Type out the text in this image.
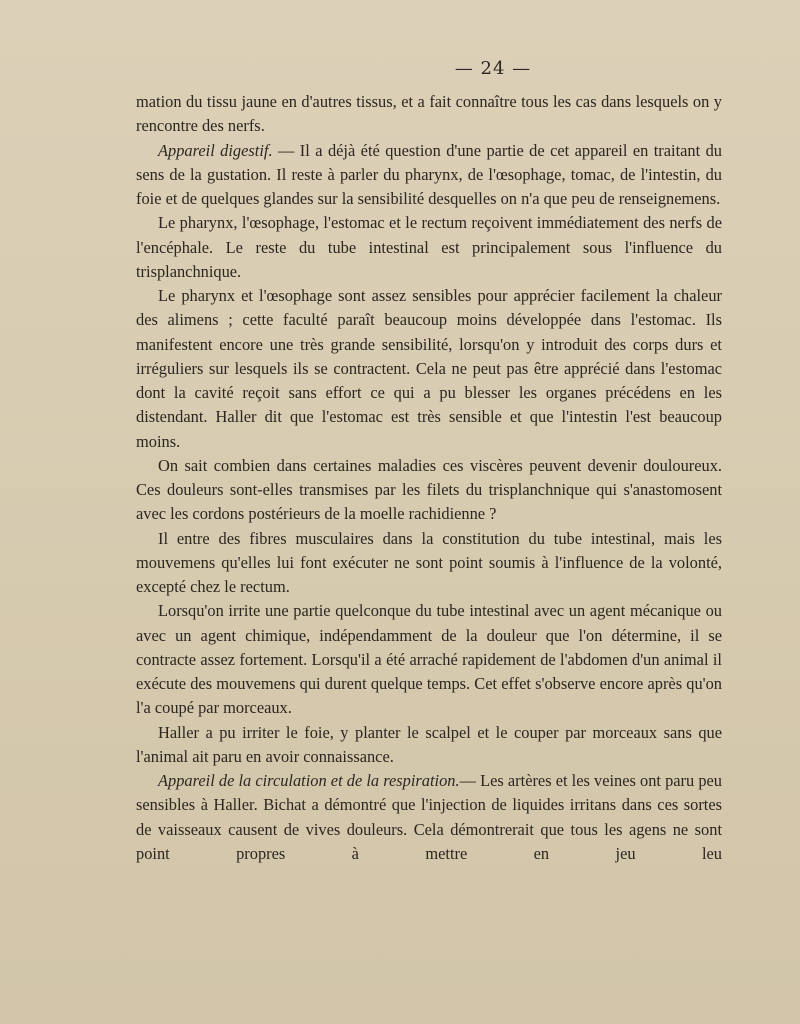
— 24 —

mation du tissu jaune en d'autres tissus, et a fait connaître tous les cas dans lesquels on y rencontre des nerfs.

Appareil digestif. — Il a déjà été question d'une partie de cet appareil en traitant du sens de la gustation. Il reste à parler du pharynx, de l'œsophage, tomac, de l'intestin, du foie et de quelques glandes sur la sensibilité desquelles on n'a que peu de renseignemens.

Le pharynx, l'œsophage, l'estomac et le rectum reçoivent immédiatement des nerfs de l'encéphale. Le reste du tube intestinal est principalement sous l'influence du trisplanchnique.

Le pharynx et l'œsophage sont assez sensibles pour apprécier facilement la chaleur des alimens ; cette faculté paraît beaucoup moins développée dans l'estomac. Ils manifestent encore une très grande sensibilité, lorsqu'on y introduit des corps durs et irréguliers sur lesquels ils se contractent. Cela ne peut pas être apprécié dans l'estomac dont la cavité reçoit sans effort ce qui a pu blesser les organes précédens en les distendant. Haller dit que l'estomac est très sensible et que l'intestin l'est beaucoup moins.

On sait combien dans certaines maladies ces viscères peuvent devenir douloureux. Ces douleurs sont-elles transmises par les filets du trisplanchnique qui s'anastomosent avec les cordons postérieurs de la moelle rachidienne ?

Il entre des fibres musculaires dans la constitution du tube intestinal, mais les mouvemens qu'elles lui font exécuter ne sont point soumis à l'influence de la volonté, excepté chez le rectum.

Lorsqu'on irrite une partie quelconque du tube intestinal avec un agent mécanique ou avec un agent chimique, indépendamment de la douleur que l'on détermine, il se contracte assez fortement. Lorsqu'il a été arraché rapidement de l'abdomen d'un animal il exécute des mouvemens qui durent quelque temps. Cet effet s'observe encore après qu'on l'a coupé par morceaux.

Haller a pu irriter le foie, y planter le scalpel et le couper par morceaux sans que l'animal ait paru en avoir connaissance.

Appareil de la circulation et de la respiration.— Les artères et les veines ont paru peu sensibles à Haller. Bichat a démontré que l'injection de liquides irritans dans ces sortes de vaisseaux causent de vives douleurs. Cela démontrerait que tous les agens ne sont point propres à mettre en jeu leu
